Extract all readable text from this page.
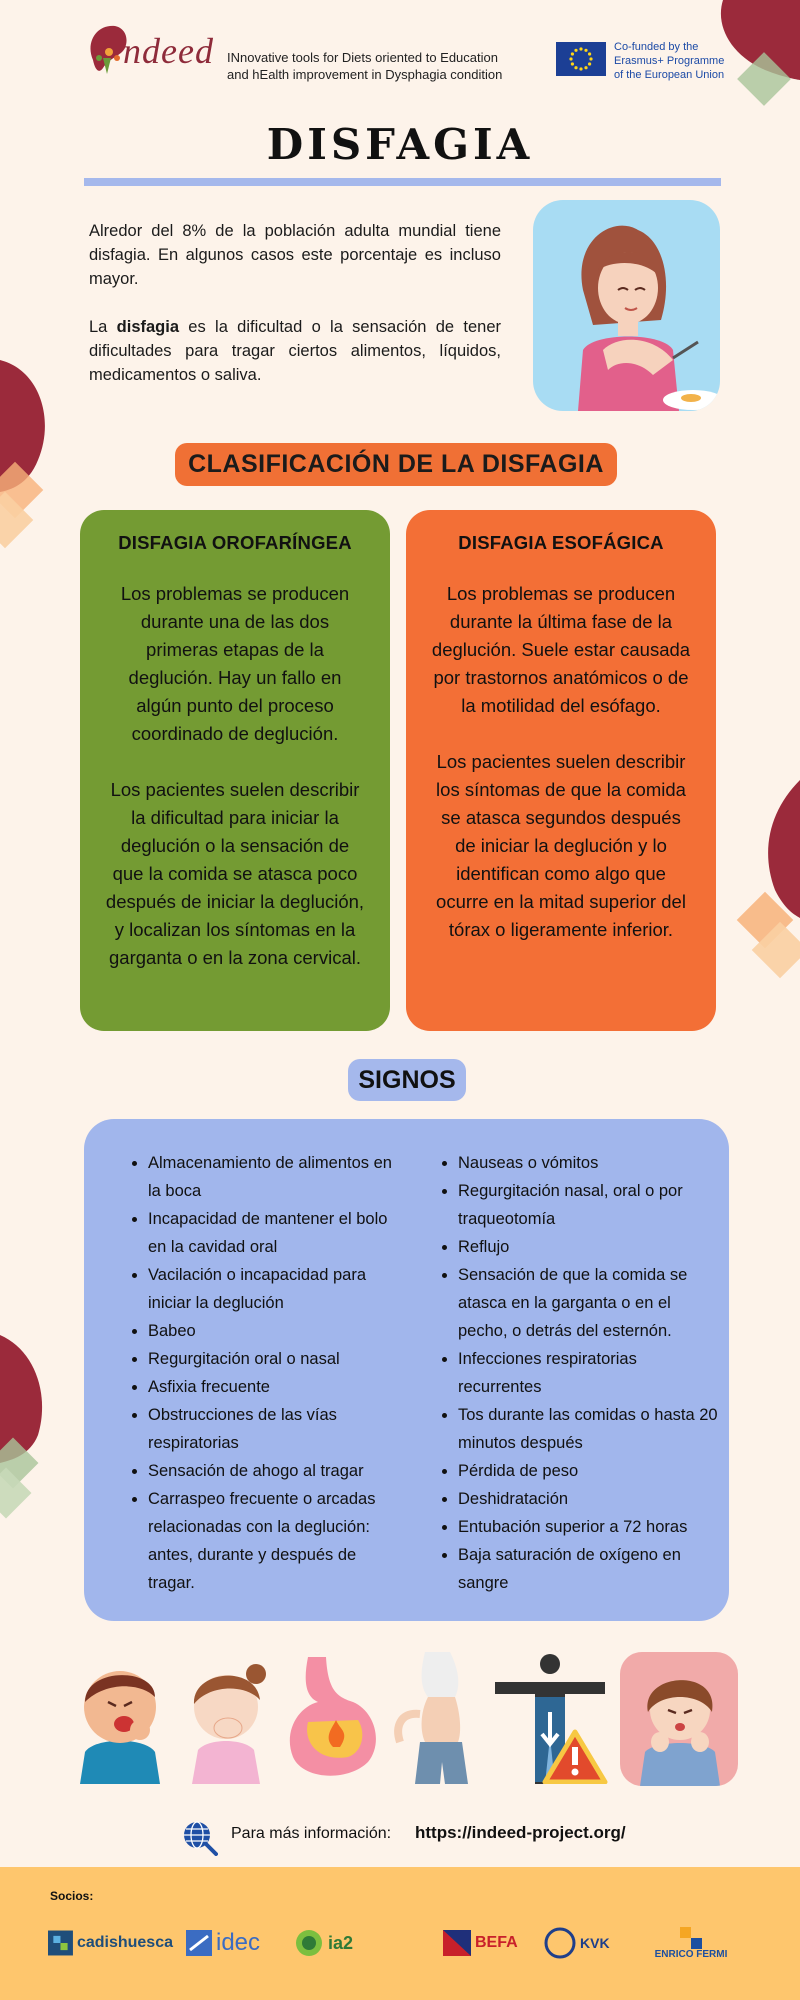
ndeed INnovative tools for Diets oriented to Education
and hEalth improvement in Dysphagia condition
Co-funded by the
Erasmus+ Programme
of the European Union
DISFAGIA

Alredor del 8% de la población adulta mundial tiene disfagia. En algunos casos este porcentaje es incluso mayor.

La disfagia es la dificultad o la sensación de tener dificultades para tragar ciertos alimentos, líquidos, medicamentos o saliva.

CLASIFICACIÓN DE LA DISFAGIA
DISFAGIA OROFARÍNGEA

Los problemas se producen durante una de las dos primeras etapas de la deglución. Hay un fallo en algún punto del proceso coordinado de deglución.

Los pacientes suelen describir la dificultad para iniciar la deglución o la sensación de que la comida se atasca poco después de iniciar la deglución, y localizan los síntomas en la garganta o en la zona cervical.

DISFAGIA ESOFÁGICA

Los problemas se producen durante la última fase de la deglución. Suele estar causada por trastornos anatómicos o de la motilidad del esófago.

Los pacientes suelen describir los síntomas de que la comida se atasca segundos después de iniciar la deglución y lo identifican como algo que ocurre en la mitad superior del tórax o ligeramente inferior.

SIGNOS
• Almacenamiento de alimentos en la boca
• Incapacidad de mantener el bolo en la cavidad oral
• Vacilación o incapacidad para iniciar la deglución
• Babeo
• Regurgitación oral o nasal
• Asfixia frecuente
• Obstrucciones de las vías respiratorias
• Sensación de ahogo al tragar
• Carraspeo frecuente o arcadas relacionadas con la deglución: antes, durante y después de tragar.
• Nauseas o vómitos
• Regurgitación nasal, oral o por traqueotomía
• Reflujo
• Sensación de que la comida se atasca en la garganta o en el pecho, o detrás del esternón.
• Infecciones respiratorias recurrentes
• Tos durante las comidas o hasta 20 minutos después
• Pérdida de peso
• Deshidratación
• Entubación superior a 72 horas
• Baja saturación de oxígeno en sangre
Para más información: https://indeed-project.org/
Socios:
cadishuesca idec	ia2	BEFA	KVK
ENRICO FERMI
